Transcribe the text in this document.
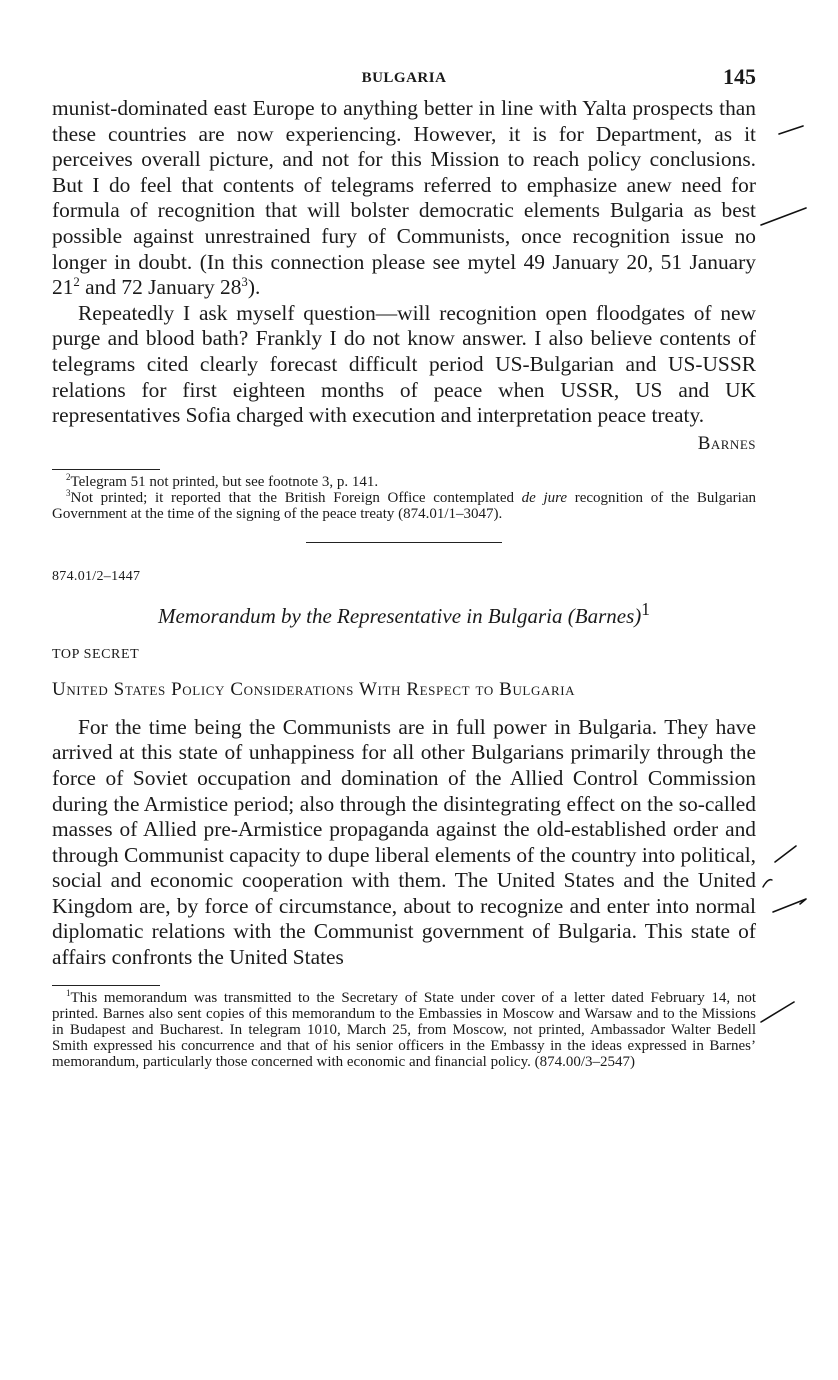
BULGARIA	145

munist-dominated east Europe to anything better in line with Yalta prospects than these countries are now experiencing. However, it is for Department, as it perceives overall picture, and not for this Mission to reach policy conclusions. But I do feel that contents of telegrams referred to emphasize anew need for formula of recognition that will bolster democratic elements Bulgaria as best possible against unrestrained fury of Communists, once recognition issue no longer in doubt. (In this connection please see mytel 49 January 20, 51 January $21^2$ and 72 January $28^3$).

Repeatedly I ask myself question—will recognition open floodgates of new purge and blood bath? Frankly I do not know answer. I also believe contents of telegrams cited clearly forecast difficult period US-Bulgarian and US-USSR relations for first eighteen months of peace when USSR, US and UK representatives Sofia charged with execution and interpretation peace treaty.

Barnes

$^2$Telegram 51 not printed, but see footnote 3, p. 141.

$^3$Not printed; it reported that the British Foreign Office contemplated de jure recognition of the Bulgarian Government at the time of the signing of the peace treaty (874.01/1–3047).

874.01/2–1447

Memorandum by the Representative in Bulgaria (Barnes)$^1$

TOP SECRET

United States Policy Considerations With Respect to Bulgaria

For the time being the Communists are in full power in Bulgaria. They have arrived at this state of unhappiness for all other Bulgarians primarily through the force of Soviet occupation and domination of the Allied Control Commission during the Armistice period; also through the disintegrating effect on the so-called masses of Allied pre-Armistice propaganda against the old-established order and through Communist capacity to dupe liberal elements of the country into political, social and economic cooperation with them. The United States and the United Kingdom are, by force of circumstance, about to recognize and enter into normal diplomatic relations with the Communist government of Bulgaria. This state of affairs confronts the United States

$^1$This memorandum was transmitted to the Secretary of State under cover of a letter dated February 14, not printed. Barnes also sent copies of this memorandum to the Embassies in Moscow and Warsaw and to the Missions in Budapest and Bucharest. In telegram 1010, March 25, from Moscow, not printed, Ambassador Walter Bedell Smith expressed his concurrence and that of his senior officers in the Embassy in the ideas expressed in Barnes’ memorandum, particularly those concerned with economic and financial policy. (874.00/3–2547)
